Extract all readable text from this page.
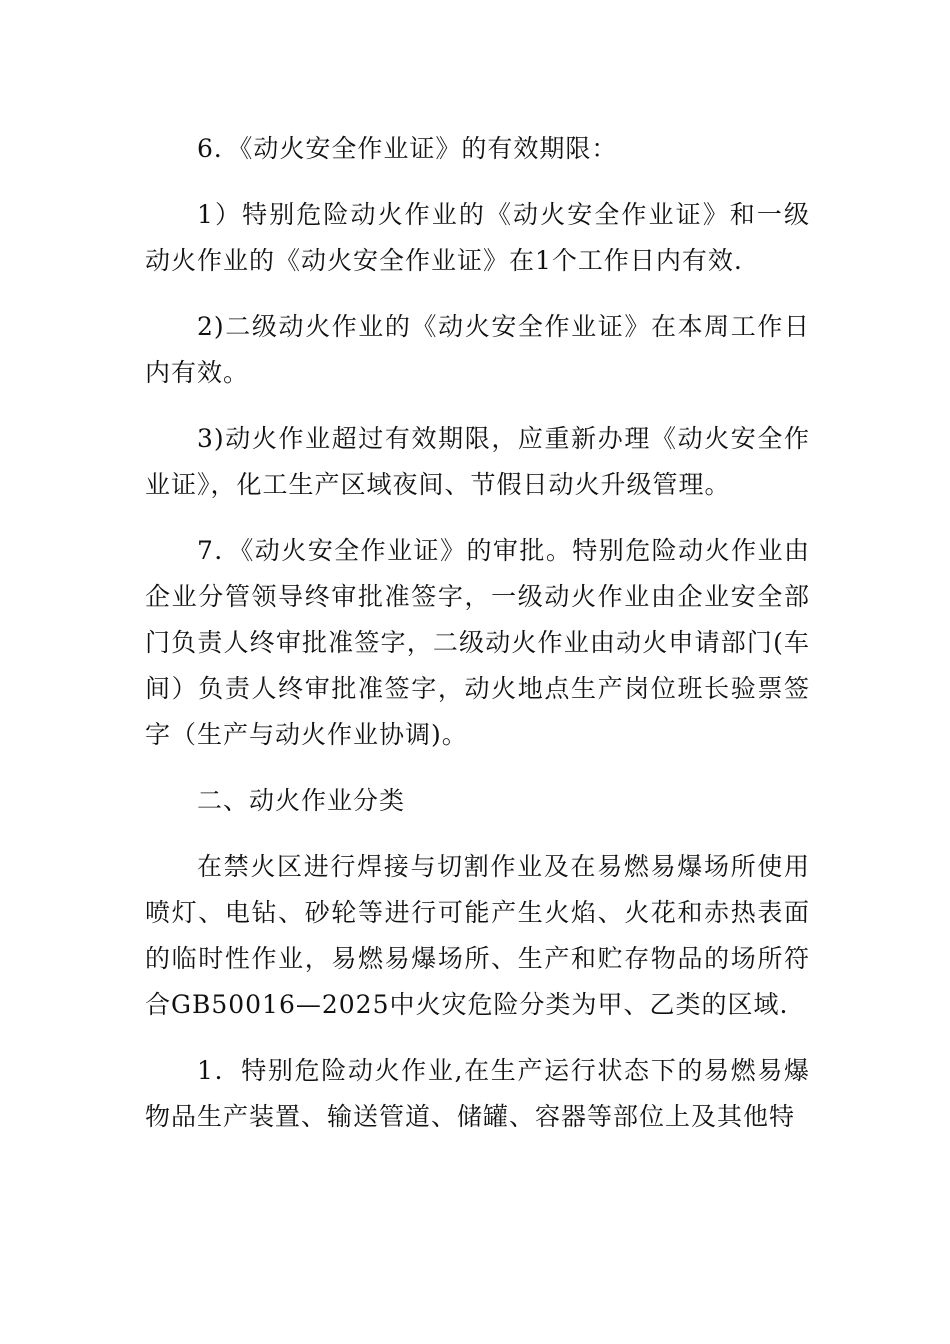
6．《动火安全作业证》的有效期限：

1）特别危险动火作业的《动火安全作业证》和一级动火作业的《动火安全作业证》在1个工作日内有效.

2)二级动火作业的《动火安全作业证》在本周工作日内有效。

3)动火作业超过有效期限，应重新办理《动火安全作业证》，化工生产区域夜间、节假日动火升级管理。

7．《动火安全作业证》的审批。特别危险动火作业由企业分管领导终审批准签字，一级动火作业由企业安全部门负责人终审批准签字，二级动火作业由动火申请部门(车间）负责人终审批准签字，动火地点生产岗位班长验票签字（生产与动火作业协调)。

二、动火作业分类

在禁火区进行焊接与切割作业及在易燃易爆场所使用喷灯、电钻、砂轮等进行可能产生火焰、火花和赤热表面的临时性作业，易燃易爆场所、生产和贮存物品的场所符合GB50016—2025中火灾危险分类为甲、乙类的区域.

1．特别危险动火作业,在生产运行状态下的易燃易爆物品生产装置、输送管道、储罐、容器等部位上及其他特
